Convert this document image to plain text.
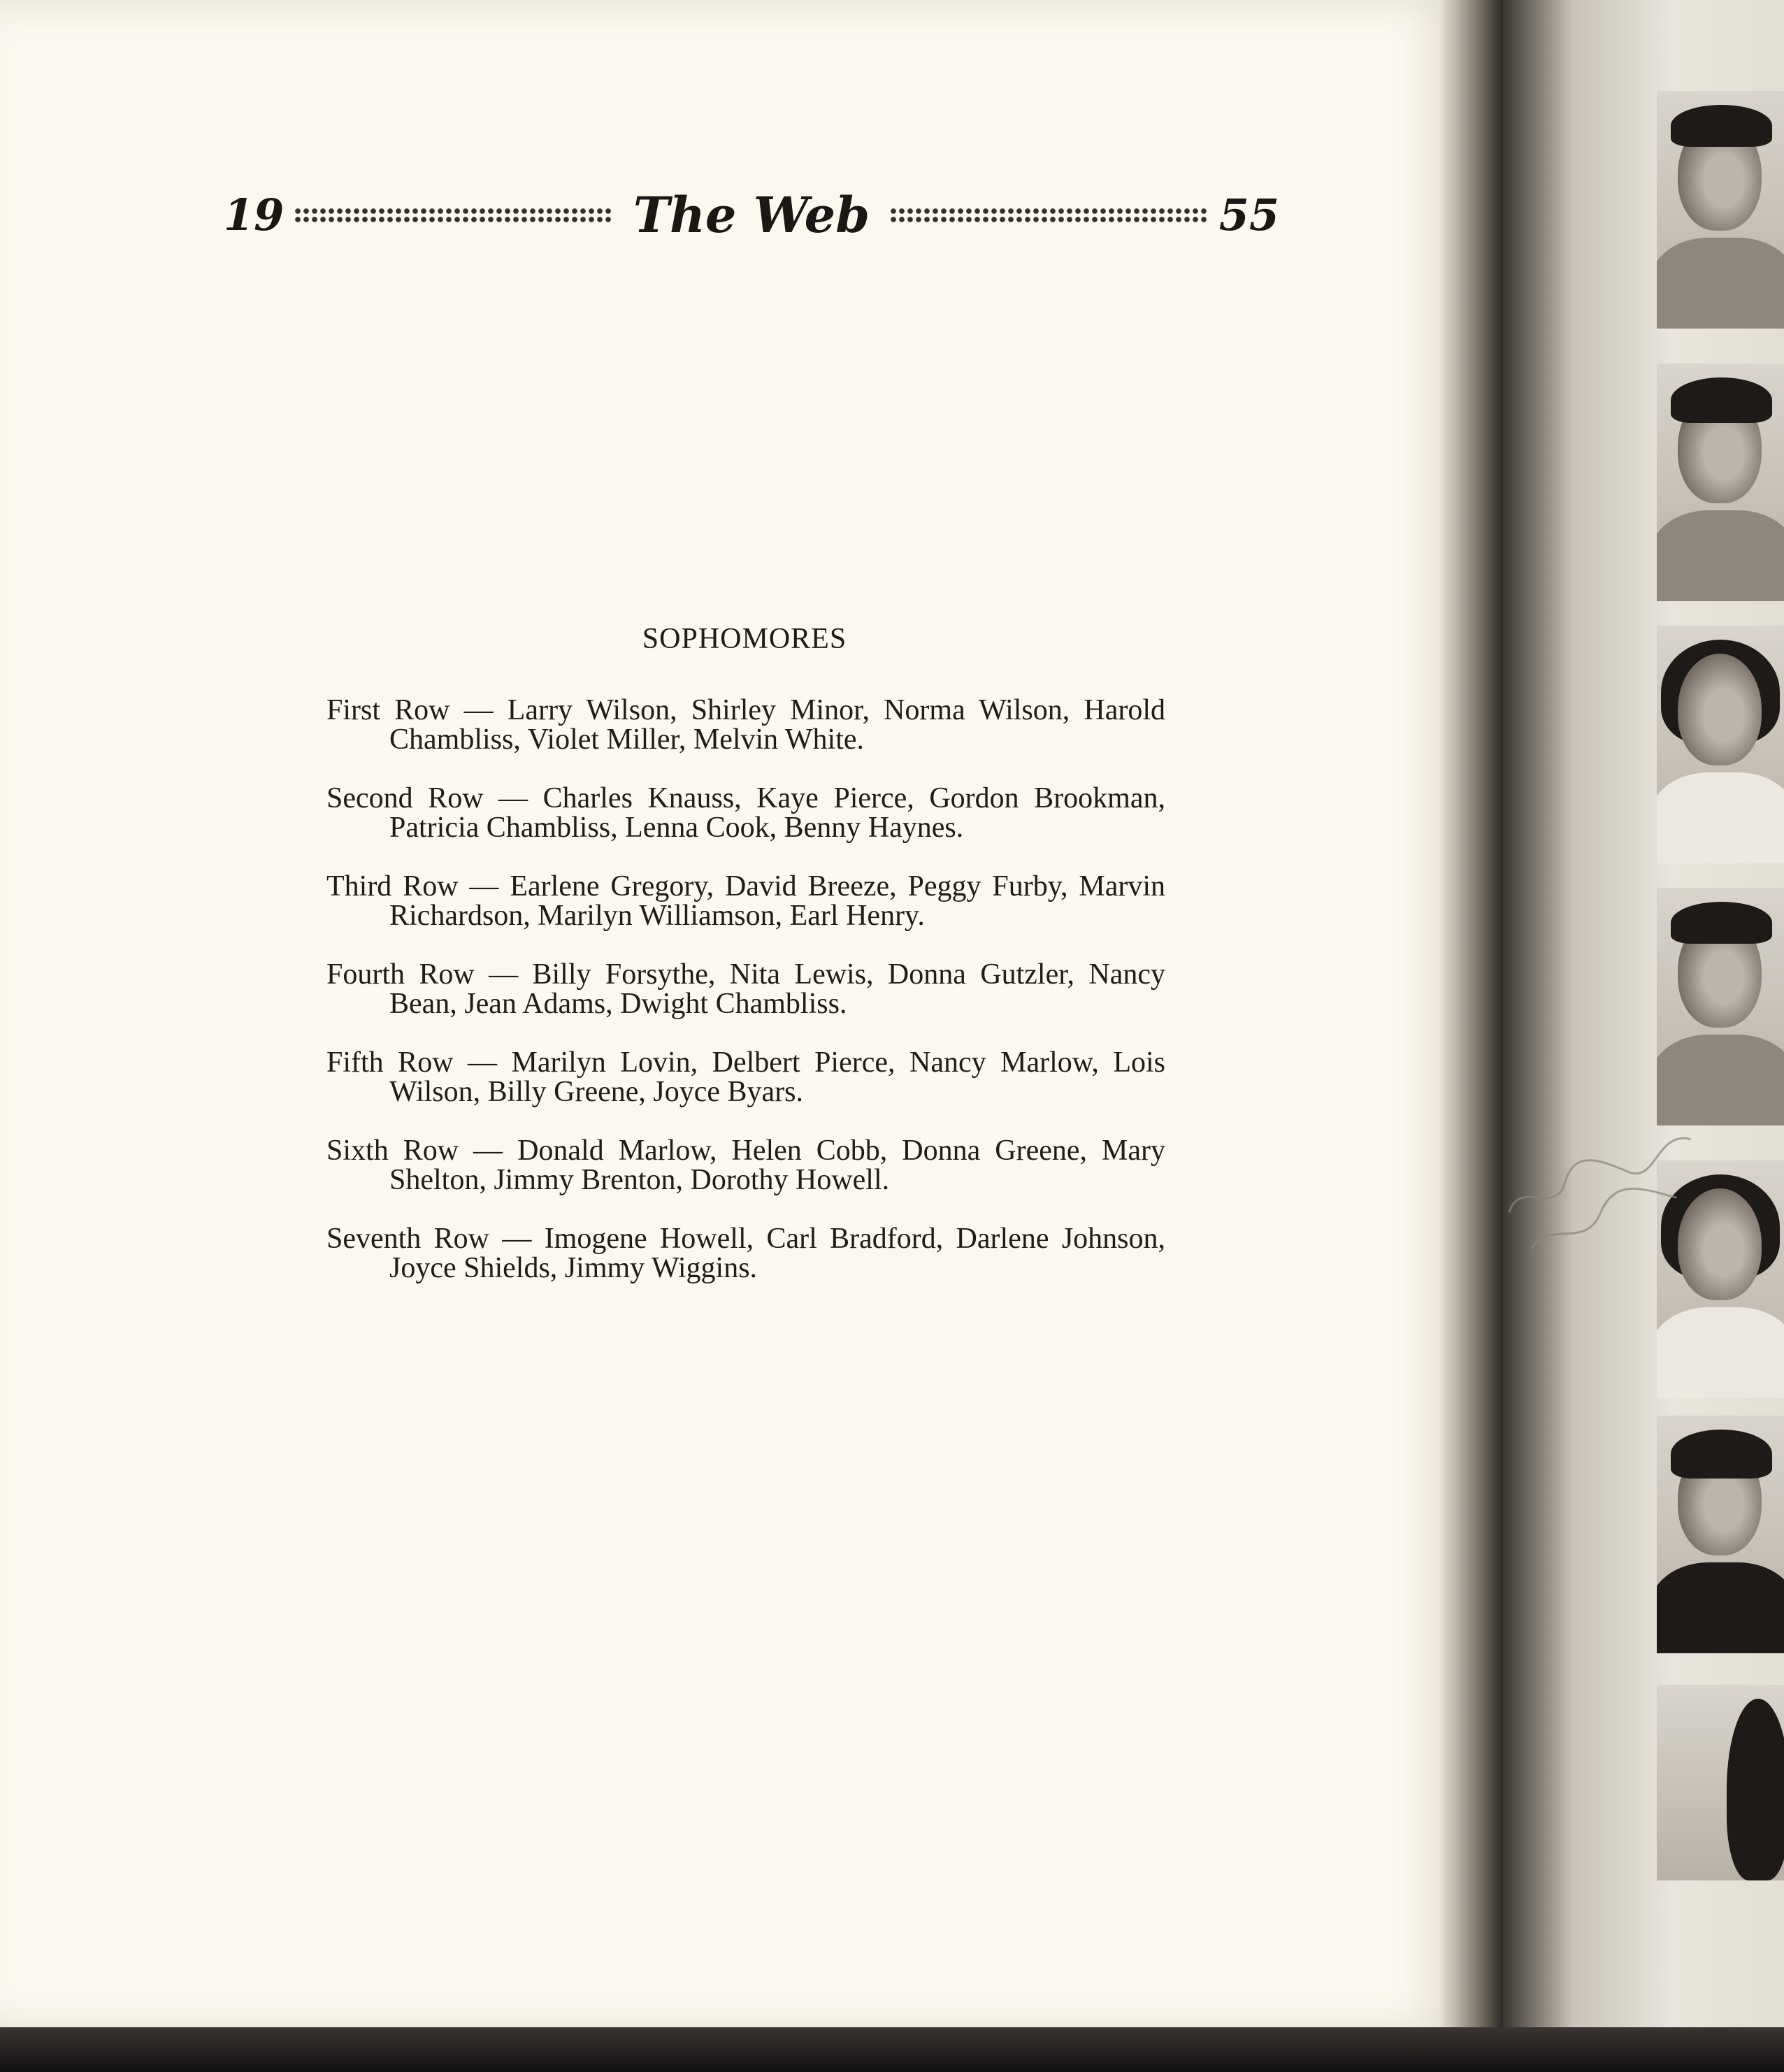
19	The Web	55
SOPHOMORES
First Row — Larry Wilson, Shirley Minor, Norma Wilson, Harold Chambliss, Violet Miller, Melvin White.
Second Row — Charles Knauss, Kaye Pierce, Gordon Brookman, Patricia Chambliss, Lenna Cook, Benny Haynes.
Third Row — Earlene Gregory, David Breeze, Peggy Furby, Marvin Richardson, Marilyn Williamson, Earl Henry.
Fourth Row — Billy Forsythe, Nita Lewis, Donna Gutzler, Nancy Bean, Jean Adams, Dwight Chambliss.
Fifth Row — Marilyn Lovin, Delbert Pierce, Nancy Marlow, Lois Wilson, Billy Greene, Joyce Byars.
Sixth Row — Donald Marlow, Helen Cobb, Donna Greene, Mary Shelton, Jimmy Brenton, Dorothy Howell.
Seventh Row — Imogene Howell, Carl Bradford, Darlene Johnson, Joyce Shields, Jimmy Wiggins.
